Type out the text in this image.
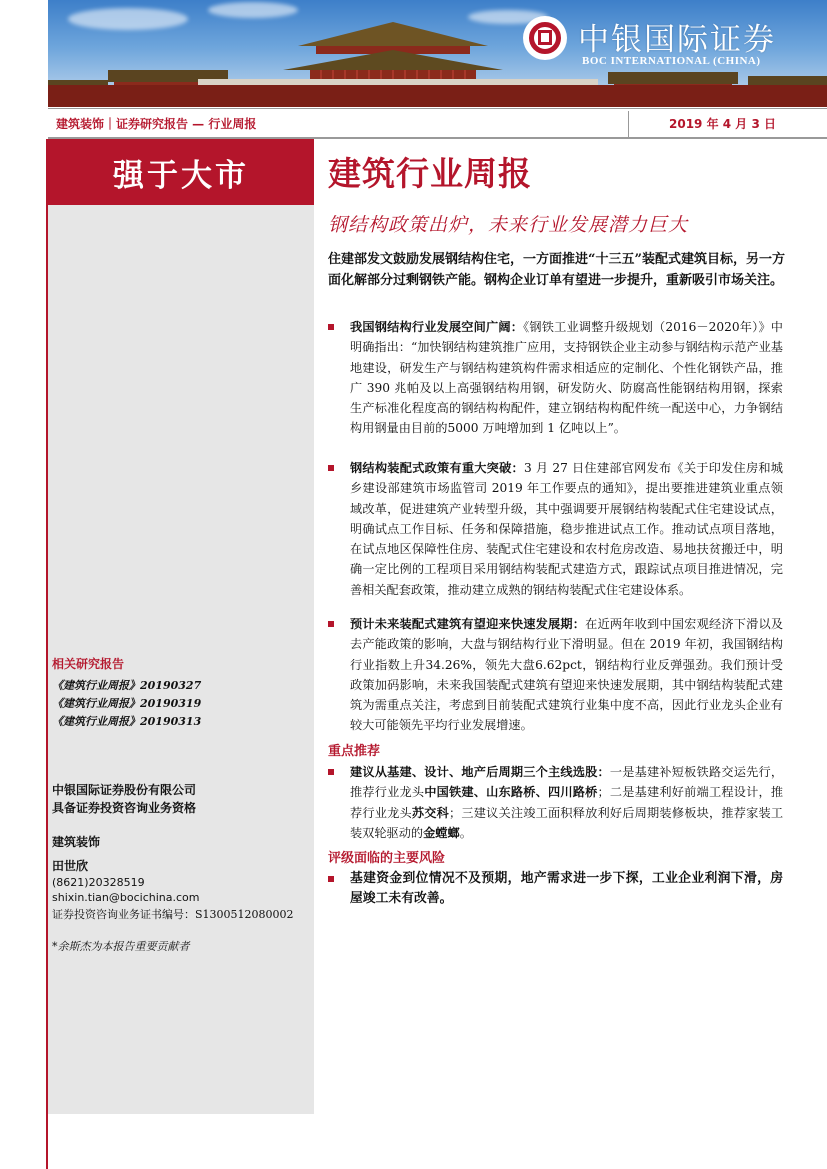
中银国际证券
BOC INTERNATIONAL (CHINA)
建筑装饰｜证券研究报告 — 行业周报	2019 年 4 月 3 日
强于大市
相关研究报告
《建筑行业周报》20190327
《建筑行业周报》20190319
《建筑行业周报》20190313
中银国际证券股份有限公司
具备证券投资咨询业务资格
建筑装饰
田世欣
(8621)20328519
shixin.tian@bocichina.com
证券投资咨询业务证书编号：S1300512080002
*余斯杰为本报告重要贡献者
建筑行业周报
钢结构政策出炉，未来行业发展潜力巨大
住建部发文鼓励发展钢结构住宅，一方面推进“十三五”装配式建筑目标，另一方面化解部分过剩钢铁产能。钢构企业订单有望进一步提升，重新吸引市场关注。
我国钢结构行业发展空间广阔：《钢铁工业调整升级规划（2016－2020年）》中明确指出：“加快钢结构建筑推广应用，支持钢铁企业主动参与钢结构示范产业基地建设，研发生产与钢结构建筑构件需求相适应的定制化、个性化钢铁产品，推广 390 兆帕及以上高强钢结构用钢，研发防火、防腐高性能钢结构用钢，探索生产标准化程度高的钢结构构配件，建立钢结构构配件统一配送中心，力争钢结构用钢量由目前的5000 万吨增加到 1 亿吨以上”。
钢结构装配式政策有重大突破：3 月 27 日住建部官网发布《关于印发住房和城乡建设部建筑市场监管司 2019 年工作要点的通知》，提出要推进建筑业重点领域改革，促进建筑产业转型升级，其中强调要开展钢结构装配式住宅建设试点，明确试点工作目标、任务和保障措施，稳步推进试点工作。推动试点项目落地，在试点地区保障性住房、装配式住宅建设和农村危房改造、易地扶贫搬迁中，明确一定比例的工程项目采用钢结构装配式建造方式，跟踪试点项目推进情况，完善相关配套政策，推动建立成熟的钢结构装配式住宅建设体系。
预计未来装配式建筑有望迎来快速发展期：在近两年收到中国宏观经济下滑以及去产能政策的影响，大盘与钢结构行业下滑明显。但在 2019 年初，我国钢结构行业指数上升34.26%，领先大盘6.62pct，钢结构行业反弹强劲。我们预计受政策加码影响，未来我国装配式建筑有望迎来快速发展期，其中钢结构装配式建筑为需重点关注，考虑到目前装配式建筑行业集中度不高，因此行业龙头企业有较大可能领先平均行业发展增速。
重点推荐
建议从基建、设计、地产后周期三个主线选股：一是基建补短板铁路交运先行，推荐行业龙头中国铁建、山东路桥、四川路桥；二是基建利好前端工程设计，推荐行业龙头苏交科；三建议关注竣工面积释放利好后周期装修板块，推荐家装工装双轮驱动的金螳螂。
评级面临的主要风险
基建资金到位情况不及预期，地产需求进一步下探，工业企业利润下滑，房屋竣工未有改善。
